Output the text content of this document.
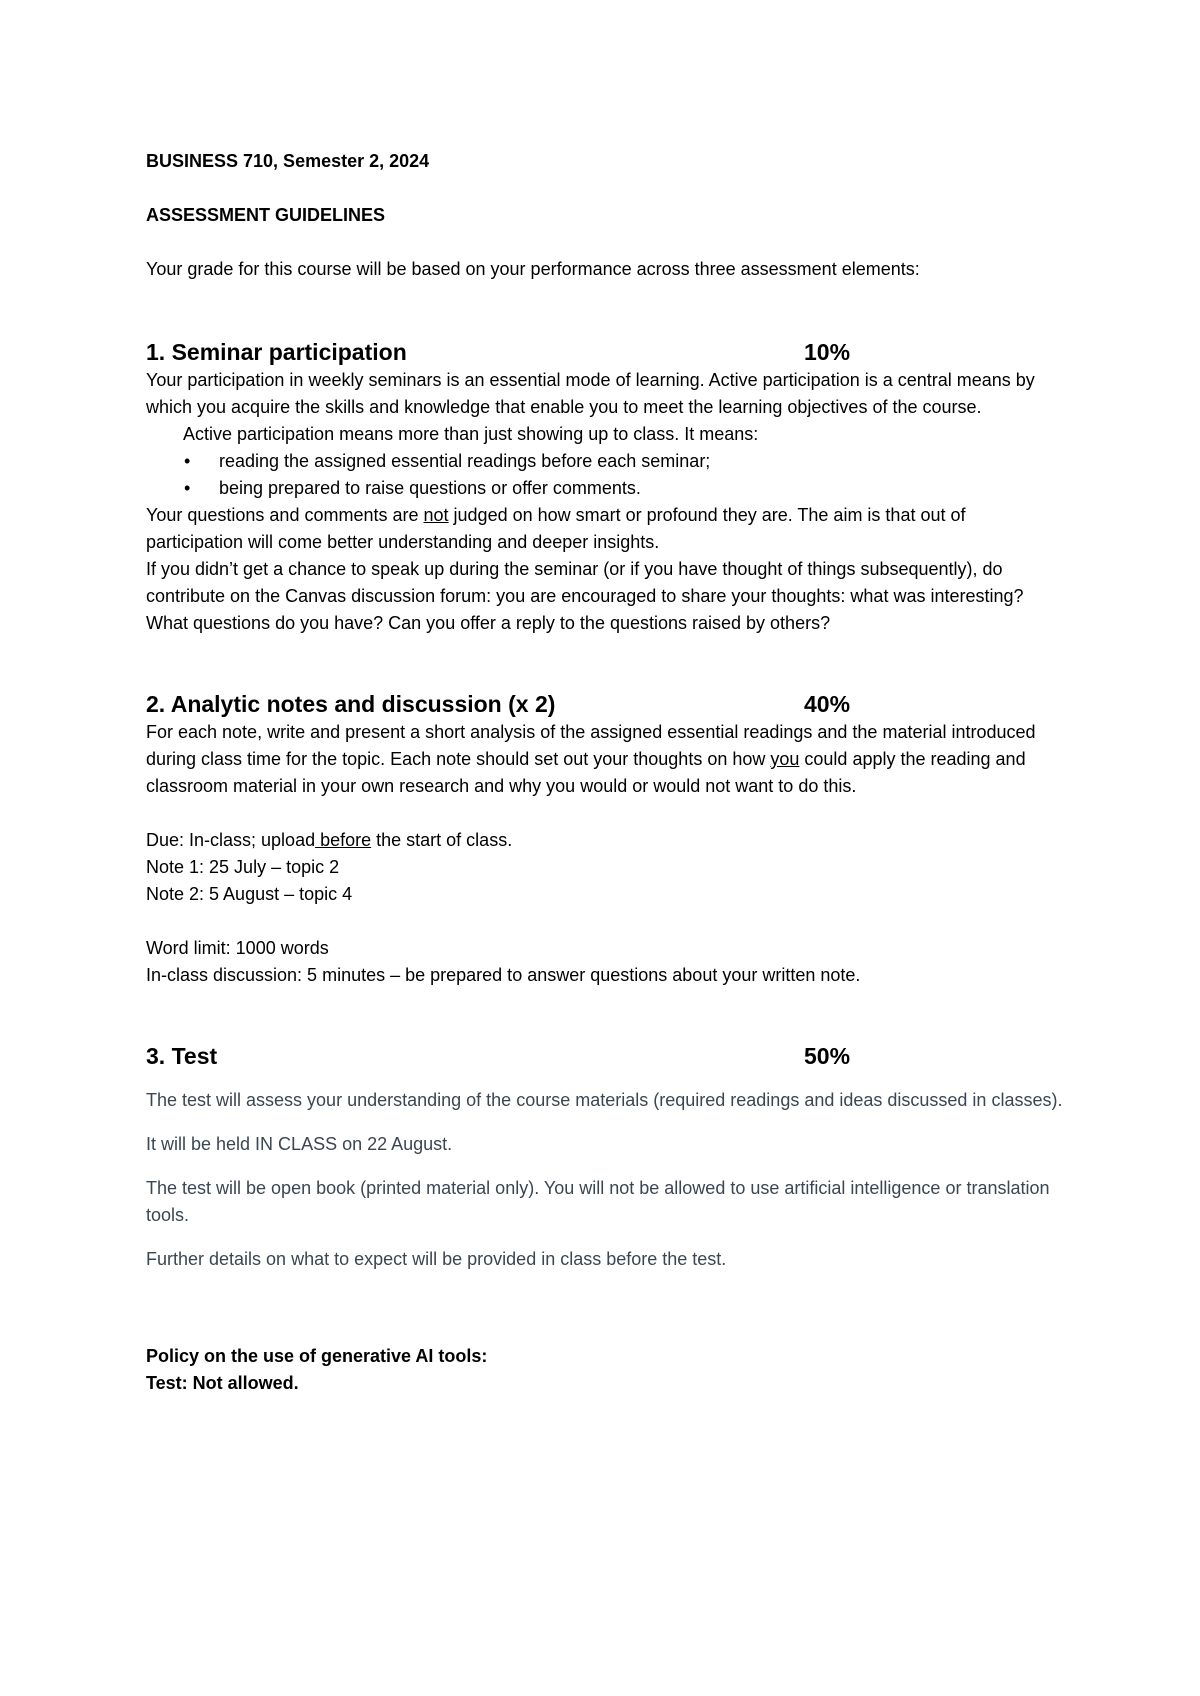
BUSINESS 710, Semester 2, 2024
ASSESSMENT GUIDELINES
Your grade for this course will be based on your performance across three assessment elements:
1. Seminar participation	10%
Your participation in weekly seminars is an essential mode of learning. Active participation is a central means by which you acquire the skills and knowledge that enable you to meet the learning objectives of the course.
Active participation means more than just showing up to class. It means:
• reading the assigned essential readings before each seminar;
• being prepared to raise questions or offer comments.
Your questions and comments are not judged on how smart or profound they are. The aim is that out of participation will come better understanding and deeper insights.
If you didn’t get a chance to speak up during the seminar (or if you have thought of things subsequently), do contribute on the Canvas discussion forum: you are encouraged to share your thoughts: what was interesting? What questions do you have? Can you offer a reply to the questions raised by others?
2. Analytic notes and discussion (x 2)	40%
For each note, write and present a short analysis of the assigned essential readings and the material introduced during class time for the topic. Each note should set out your thoughts on how you could apply the reading and classroom material in your own research and why you would or would not want to do this.
Due: In-class; upload before the start of class.
Note 1: 25 July – topic 2
Note 2: 5 August – topic 4
Word limit: 1000 words
In-class discussion: 5 minutes – be prepared to answer questions about your written note.
3. Test	50%
The test will assess your understanding of the course materials (required readings and ideas discussed in classes).
It will be held IN CLASS on 22 August.
The test will be open book (printed material only). You will not be allowed to use artificial intelligence or translation tools.
Further details on what to expect will be provided in class before the test.
Policy on the use of generative AI tools:
Test: Not allowed.
